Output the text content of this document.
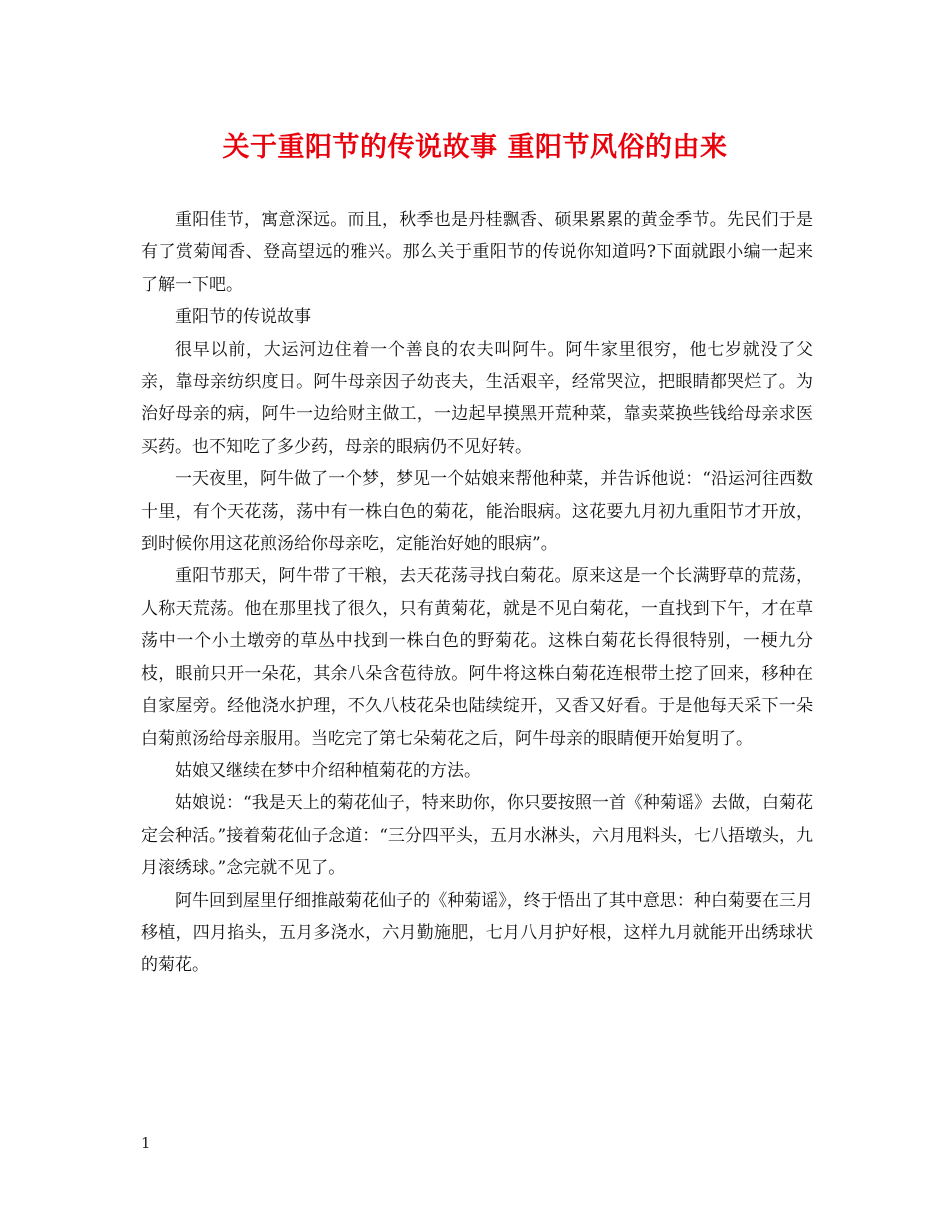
关于重阳节的传说故事 重阳节风俗的由来

重阳佳节，寓意深远。而且，秋季也是丹桂飘香、硕果累累的黄金季节。先民们于是有了赏菊闻香、登高望远的雅兴。那么关于重阳节的传说你知道吗?下面就跟小编一起来了解一下吧。

重阳节的传说故事

很早以前，大运河边住着一个善良的农夫叫阿牛。阿牛家里很穷，他七岁就没了父亲，靠母亲纺织度日。阿牛母亲因子幼丧夫，生活艰辛，经常哭泣，把眼睛都哭烂了。为治好母亲的病，阿牛一边给财主做工，一边起早摸黑开荒种菜，靠卖菜换些钱给母亲求医买药。也不知吃了多少药，母亲的眼病仍不见好转。

一天夜里，阿牛做了一个梦，梦见一个姑娘来帮他种菜，并告诉他说：“沿运河往西数十里，有个天花荡，荡中有一株白色的菊花，能治眼病。这花要九月初九重阳节才开放，到时候你用这花煎汤给你母亲吃，定能治好她的眼病”。

重阳节那天，阿牛带了干粮，去天花荡寻找白菊花。原来这是一个长满野草的荒荡，人称天荒荡。他在那里找了很久，只有黄菊花，就是不见白菊花，一直找到下午，才在草荡中一个小土墩旁的草丛中找到一株白色的野菊花。这株白菊花长得很特别，一梗九分枝，眼前只开一朵花，其余八朵含苞待放。阿牛将这株白菊花连根带土挖了回来，移种在自家屋旁。经他浇水护理，不久八枝花朵也陆续绽开，又香又好看。于是他每天采下一朵白菊煎汤给母亲服用。当吃完了第七朵菊花之后，阿牛母亲的眼睛便开始复明了。

姑娘又继续在梦中介绍种植菊花的方法。

姑娘说：“我是天上的菊花仙子，特来助你，你只要按照一首《种菊谣》去做，白菊花定会种活。”接着菊花仙子念道：“三分四平头，五月水淋头，六月甩料头，七八捂墩头，九月滚绣球。”念完就不见了。

阿牛回到屋里仔细推敲菊花仙子的《种菊谣》，终于悟出了其中意思：种白菊要在三月移植，四月掐头，五月多浇水，六月勤施肥，七月八月护好根，这样九月就能开出绣球状的菊花。

1
